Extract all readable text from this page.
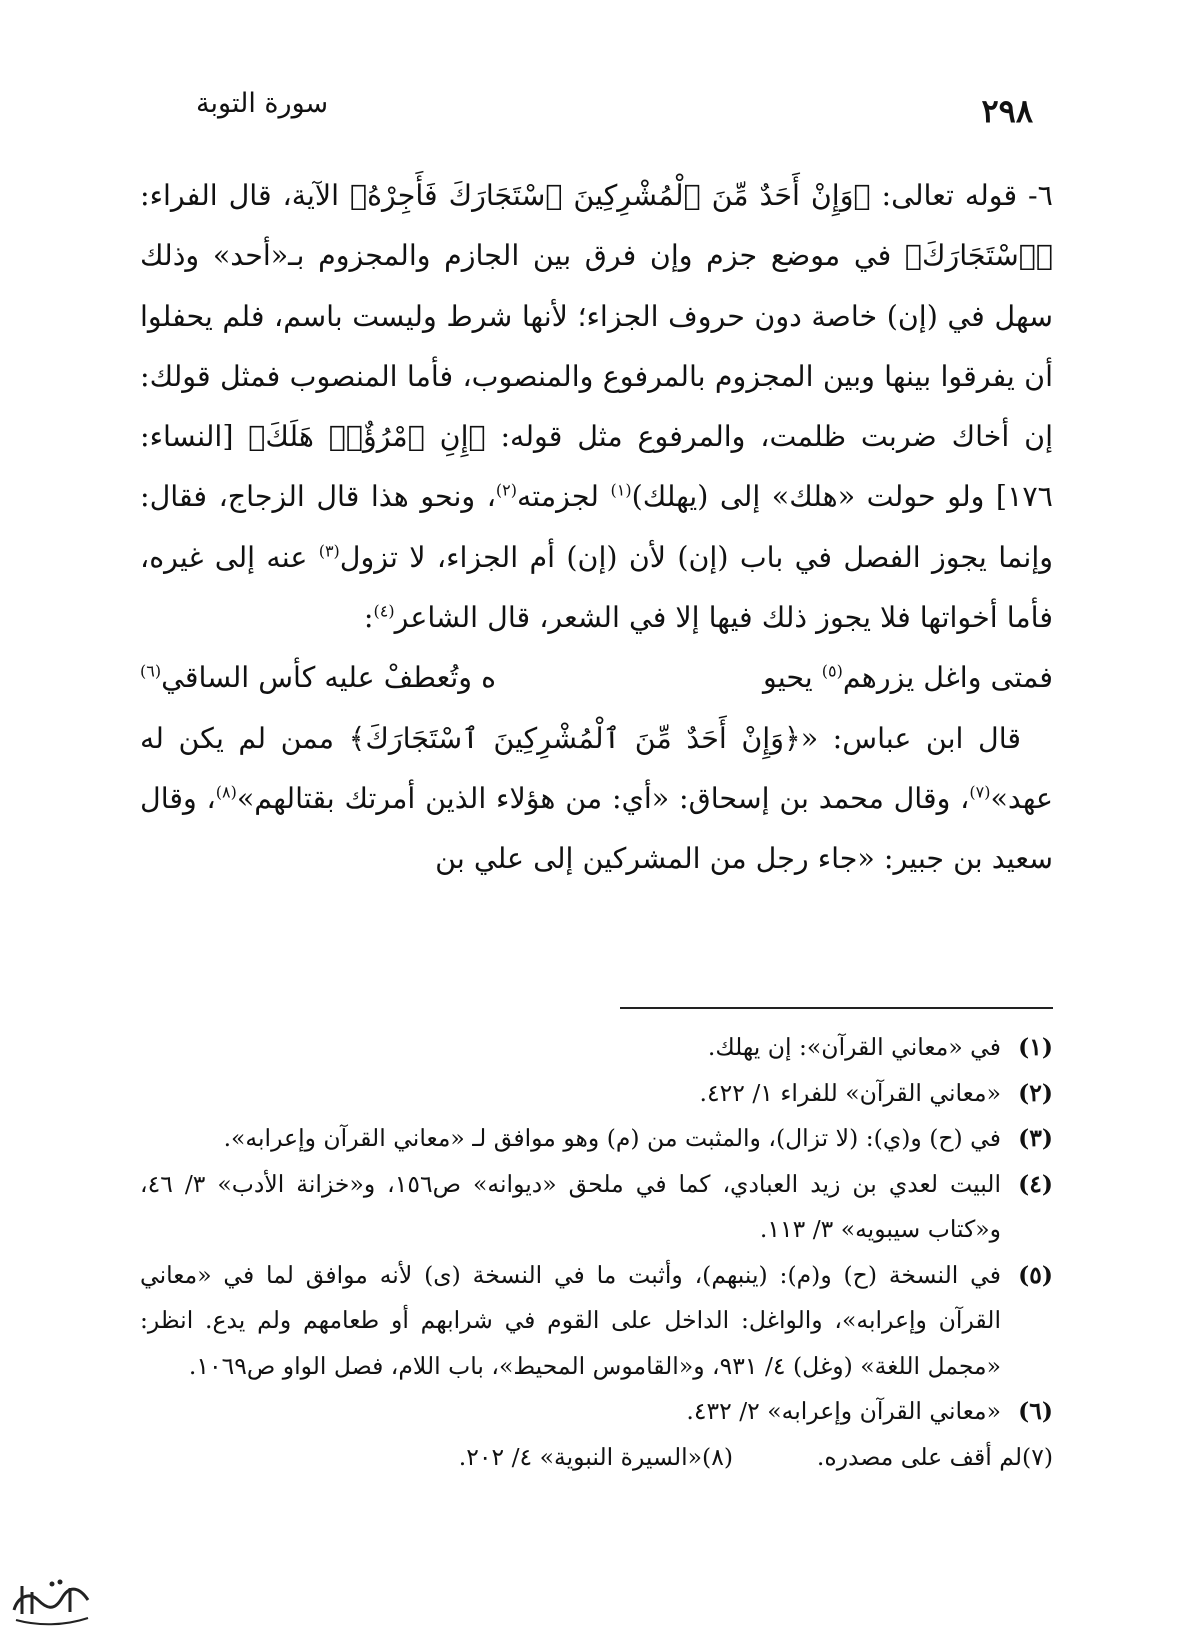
٢٩٨
سورة التوبة

٦- قوله تعالى: ﴿وَإِنْ أَحَدٌ مِّنَ ٱلْمُشْرِكِينَ ٱسْتَجَارَكَ فَأَجِرْهُ﴾ الآية، قال الفراء: ﴿ٱسْتَجَارَكَ﴾ في موضع جزم وإن فرق بين الجازم والمجزوم بـ«أحد» وذلك سهل في (إن) خاصة دون حروف الجزاء؛ لأنها شرط وليست باسم، فلم يحفلوا أن يفرقوا بينها وبين المجزوم بالمرفوع والمنصوب، فأما المنصوب فمثل قولك: إن أخاك ضربت ظلمت، والمرفوع مثل قوله: ﴿إِنِ ٱمْرُؤٌا۟ هَلَكَ﴾ [النساء: ١٧٦] ولو حولت «هلك» إلى (يهلك)$^{(١)}$ لجزمته$^{(٢)}$، ونحو هذا قال الزجاج، فقال: وإنما يجوز الفصل في باب (إن) لأن (إن) أم الجزاء، لا تزول$^{(٣)}$ عنه إلى غيره، فأما أخواتها فلا يجوز ذلك فيها إلا في الشعر، قال الشاعر$^{(٤)}$:

فمتى واغل يزرهم$^{(٥)}$ يحيو
ه وتُعطفْ عليه كأس الساقي$^{(٦)}$

قال ابن عباس: «﴿وَإِنْ أَحَدٌ مِّنَ ٱلْمُشْرِكِينَ ٱسْتَجَارَكَ﴾ ممن لم يكن له عهد»$^{(٧)}$، وقال محمد بن إسحاق: «أي: من هؤلاء الذين أمرتك بقتالهم»$^{(٨)}$، وقال سعيد بن جبير: «جاء رجل من المشركين إلى علي بن

(١)
في «معاني القرآن»: إن يهلك.
(٢)
«معاني القرآن» للفراء ١/ ٤٢٢.
(٣)
في (ح) و(ي): (لا تزال)، والمثبت من (م) وهو موافق لـ «معاني القرآن وإعرابه».
(٤)
البيت لعدي بن زيد العبادي، كما في ملحق «ديوانه» ص١٥٦، و«خزانة الأدب» ٣/ ٤٦، و«كتاب سيبويه» ٣/ ١١٣.
(٥)
في النسخة (ح) و(م): (ينبهم)، وأثبت ما في النسخة (ى) لأنه موافق لما في «معاني القرآن وإعرابه»، والواغل: الداخل على القوم في شرابهم أو طعامهم ولم يدع. انظر: «مجمل اللغة» (وغل) ٤/ ٩٣١، و«القاموس المحيط»، باب اللام، فصل الواو ص١٠٦٩.
(٦)
«معاني القرآن وإعرابه» ٢/ ٤٣٢.
(٧)
لم أقف على مصدره.
(٨)
«السيرة النبوية» ٤/ ٢٠٢.
